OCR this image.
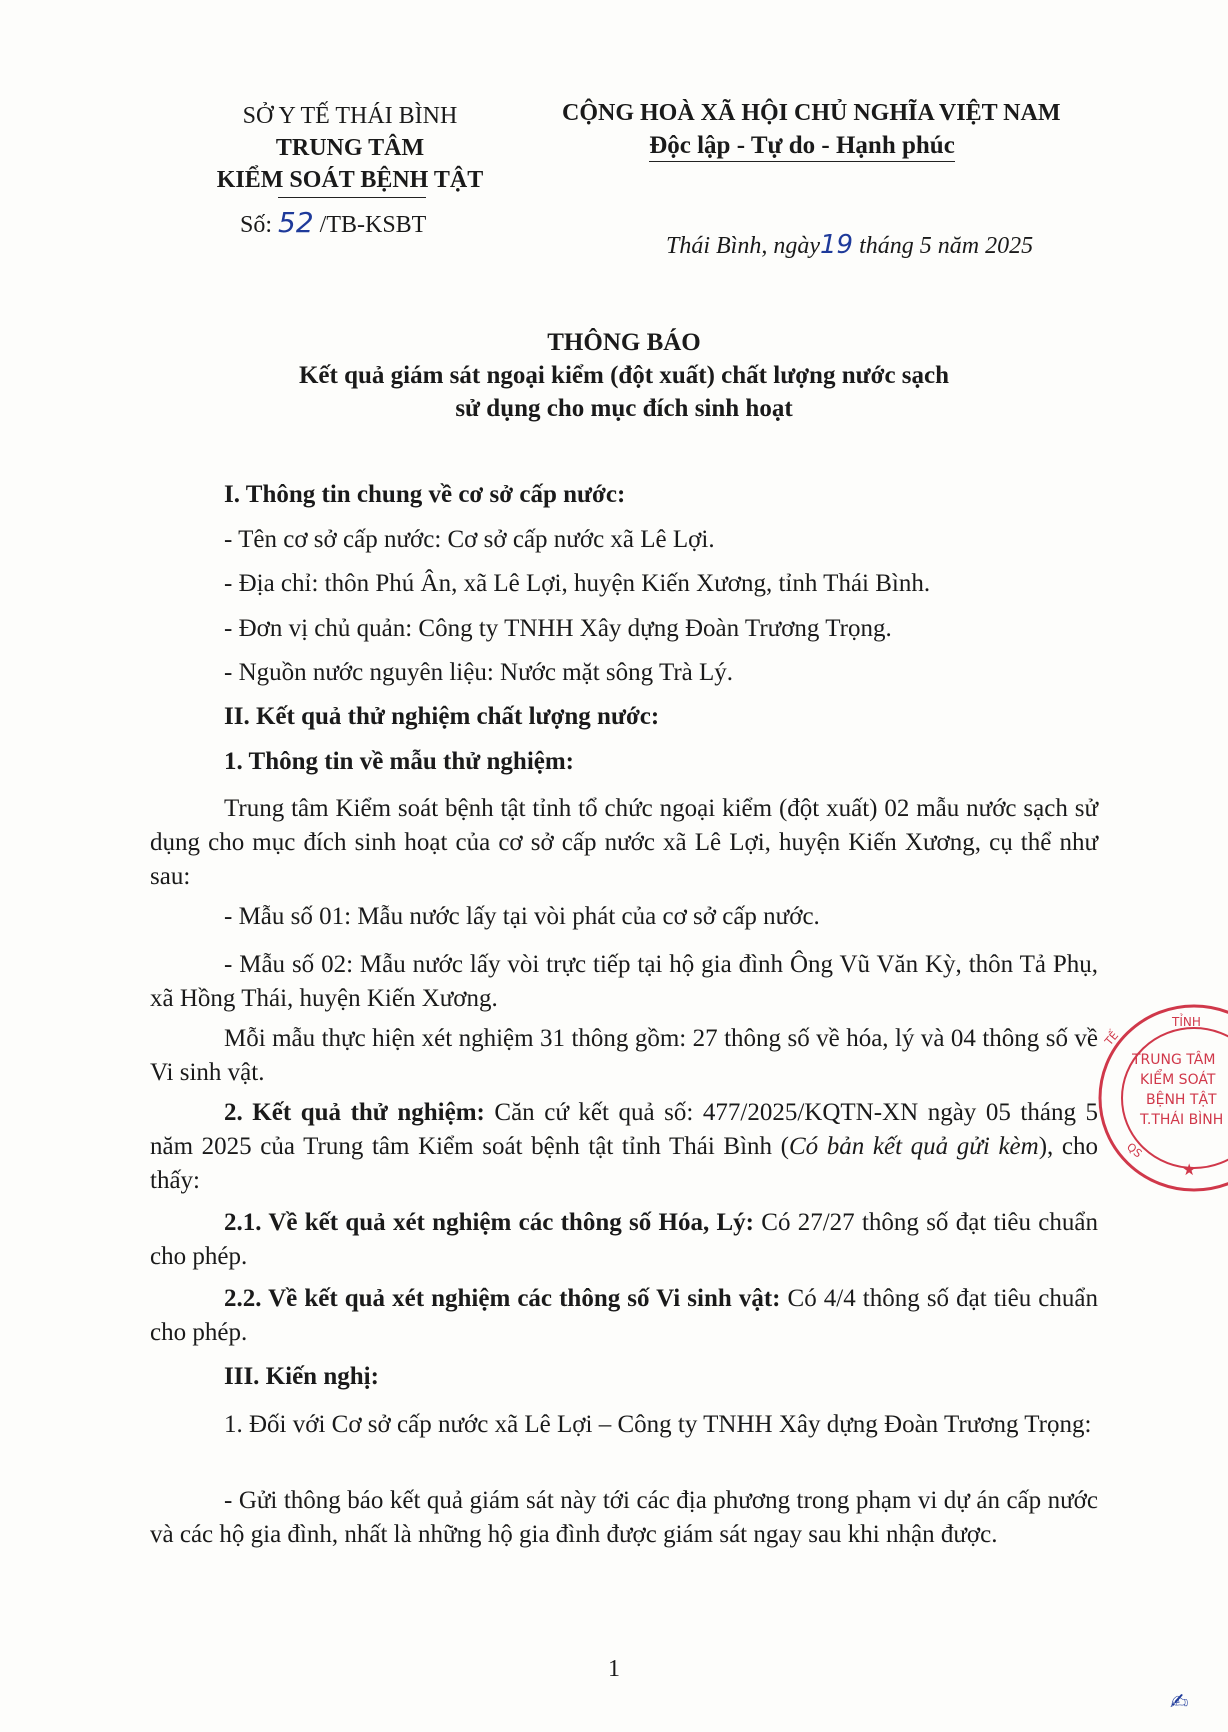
SỞ Y TẾ THÁI BÌNH
TRUNG TÂM
KIỂM SOÁT BỆNH TẬT
Số: 52 /TB-KSBT
CỘNG HOÀ XÃ HỘI CHỦ NGHĨA VIỆT NAM
Độc lập - Tự do - Hạnh phúc
Thái Bình, ngày19 tháng 5 năm 2025
THÔNG BÁO
Kết quả giám sát ngoại kiểm (đột xuất) chất lượng nước sạch
sử dụng cho mục đích sinh hoạt
I. Thông tin chung về cơ sở cấp nước:
- Tên cơ sở cấp nước: Cơ sở cấp nước xã Lê Lợi.
- Địa chỉ: thôn Phú Ân, xã Lê Lợi, huyện Kiến Xương, tỉnh Thái Bình.
- Đơn vị chủ quản: Công ty TNHH Xây dựng Đoàn Trương Trọng.
- Nguồn nước nguyên liệu: Nước mặt sông Trà Lý.
II. Kết quả thử nghiệm chất lượng nước:
1. Thông tin về mẫu thử nghiệm:

Trung tâm Kiểm soát bệnh tật tỉnh tổ chức ngoại kiểm (đột xuất) 02 mẫu nước sạch sử dụng cho mục đích sinh hoạt của cơ sở cấp nước xã Lê Lợi, huyện Kiến Xương, cụ thể như sau:

- Mẫu số 01: Mẫu nước lấy tại vòi phát của cơ sở cấp nước.

- Mẫu số 02: Mẫu nước lấy vòi trực tiếp tại hộ gia đình Ông Vũ Văn Kỳ, thôn Tả Phụ, xã Hồng Thái, huyện Kiến Xương.

Mỗi mẫu thực hiện xét nghiệm 31 thông gồm: 27 thông số về hóa, lý và 04 thông số về Vi sinh vật.

2. Kết quả thử nghiệm: Căn cứ kết quả số: 477/2025/KQTN-XN ngày 05 tháng 5 năm 2025 của Trung tâm Kiểm soát bệnh tật tỉnh Thái Bình (Có bản kết quả gửi kèm), cho thấy:

2.1. Về kết quả xét nghiệm các thông số Hóa, Lý: Có 27/27 thông số đạt tiêu chuẩn cho phép.

2.2. Về kết quả xét nghiệm các thông số Vi sinh vật: Có 4/4 thông số đạt tiêu chuẩn cho phép.

III. Kiến nghị:

1. Đối với Cơ sở cấp nước xã Lê Lợi – Công ty TNHH Xây dựng Đoàn Trương Trọng:

- Gửi thông báo kết quả giám sát này tới các địa phương trong phạm vi dự án cấp nước và các hộ gia đình, nhất là những hộ gia đình được giám sát ngay sau khi nhận được.

1
★
QS
TẾ
TỈNH
TRUNG TÂM
KIỂM SOÁT
BỆNH TẬT
T.THÁI BÌNH
✍
